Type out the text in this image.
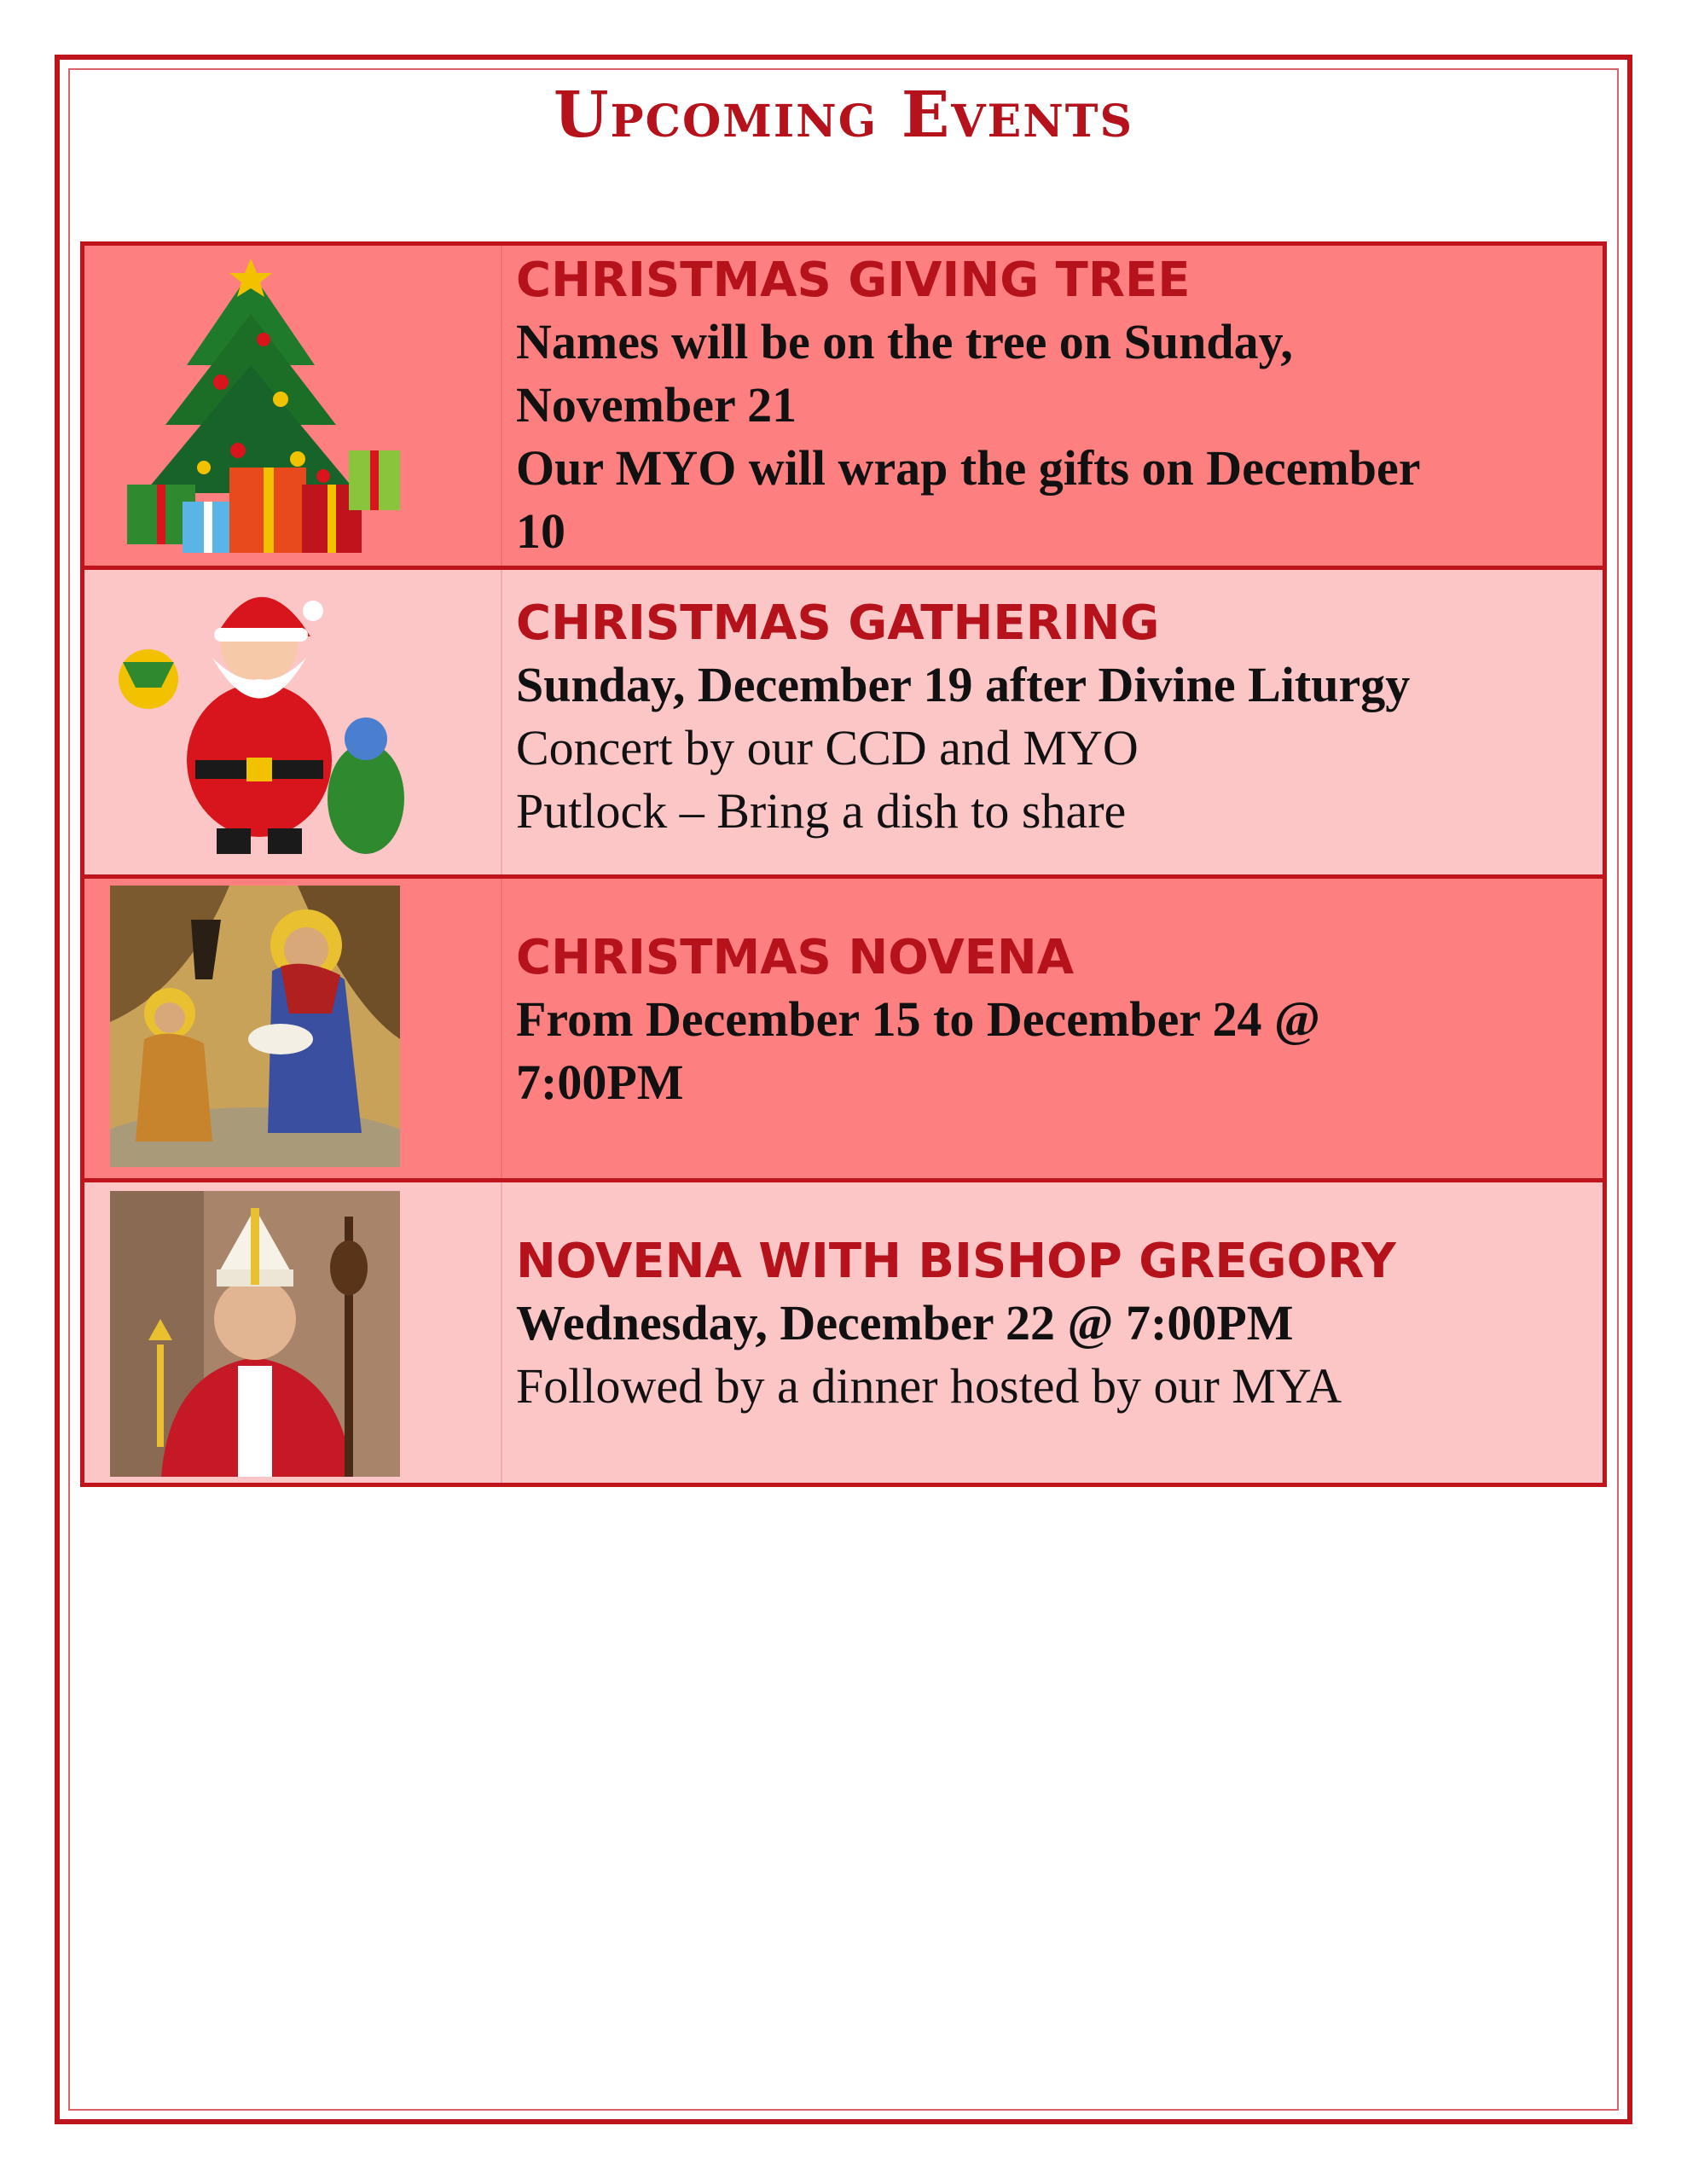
Upcoming Events
CHRISTMAS GIVING TREE
Names will be on the tree on Sunday,
November 21
Our MYO will wrap the gifts on December
10
CHRISTMAS GATHERING
Sunday, December 19 after Divine Liturgy
Concert by our CCD and MYO
Putlock – Bring a dish to share
CHRISTMAS NOVENA
From December 15 to December 24 @
7:00PM
NOVENA WITH BISHOP GREGORY
Wednesday, December 22 @ 7:00PM
Followed by a dinner hosted by our MYA
